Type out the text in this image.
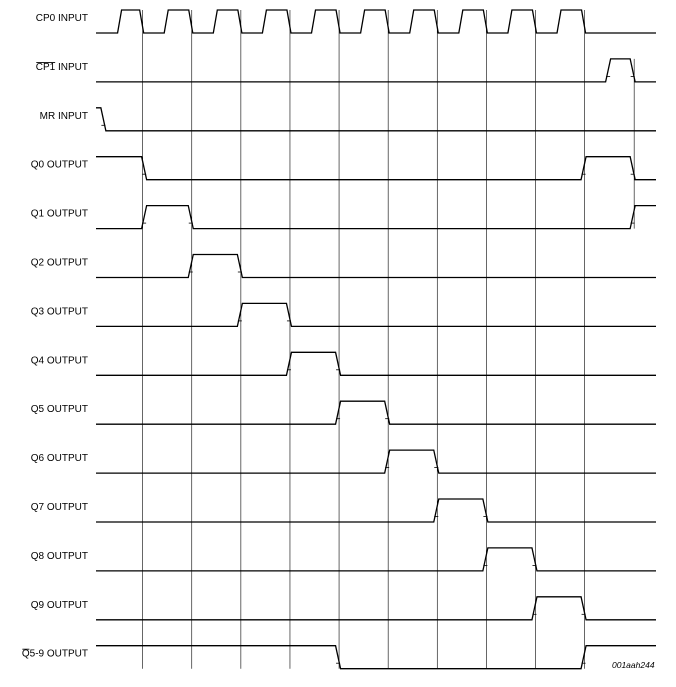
CP0 INPUT
CP1 INPUT
MR INPUT
Q0 OUTPUT
Q1 OUTPUT
Q2 OUTPUT
Q3 OUTPUT
Q4 OUTPUT
Q5 OUTPUT
Q6 OUTPUT
Q7 OUTPUT
Q8 OUTPUT
Q9 OUTPUT
Q5-9 OUTPUT
001aah244
